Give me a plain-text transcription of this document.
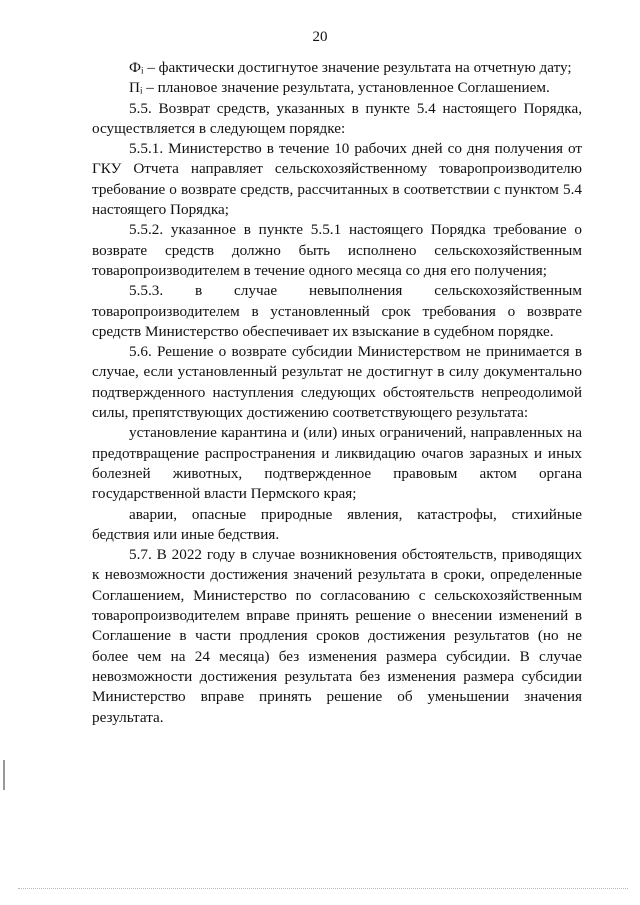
20

Фᵢ – фактически достигнутое значение результата на отчетную дату;

Пᵢ – плановое значение результата, установленное Соглашением.

5.5. Возврат средств, указанных в пункте 5.4 настоящего Порядка, осуществляется в следующем порядке:

5.5.1. Министерство в течение 10 рабочих дней со дня получения от ГКУ Отчета направляет сельскохозяйственному товаропроизводителю требование о возврате средств, рассчитанных в соответствии с пунктом 5.4 настоящего Порядка;

5.5.2. указанное в пункте 5.5.1 настоящего Порядка требование о возврате средств должно быть исполнено сельскохозяйственным товаропроизводителем в течение одного месяца со дня его получения;

5.5.3. в случае невыполнения сельскохозяйственным товаропроизводителем в установленный срок требования о возврате средств Министерство обеспечивает их взыскание в судебном порядке.

5.6. Решение о возврате субсидии Министерством не принимается в случае, если установленный результат не достигнут в силу документально подтвержденного наступления следующих обстоятельств непреодолимой силы, препятствующих достижению соответствующего результата:

установление карантина и (или) иных ограничений, направленных на предотвращение распространения и ликвидацию очагов заразных и иных болезней животных, подтвержденное правовым актом органа государственной власти Пермского края;

аварии, опасные природные явления, катастрофы, стихийные бедствия или иные бедствия.

5.7. В 2022 году в случае возникновения обстоятельств, приводящих к невозможности достижения значений результата в сроки, определенные Соглашением, Министерство по согласованию с сельскохозяйственным товаропроизводителем вправе принять решение о внесении изменений в Соглашение в части продления сроков достижения результатов (но не более чем на 24 месяца) без изменения размера субсидии. В случае невозможности достижения результата без изменения размера субсидии Министерство вправе принять решение об уменьшении значения результата.
